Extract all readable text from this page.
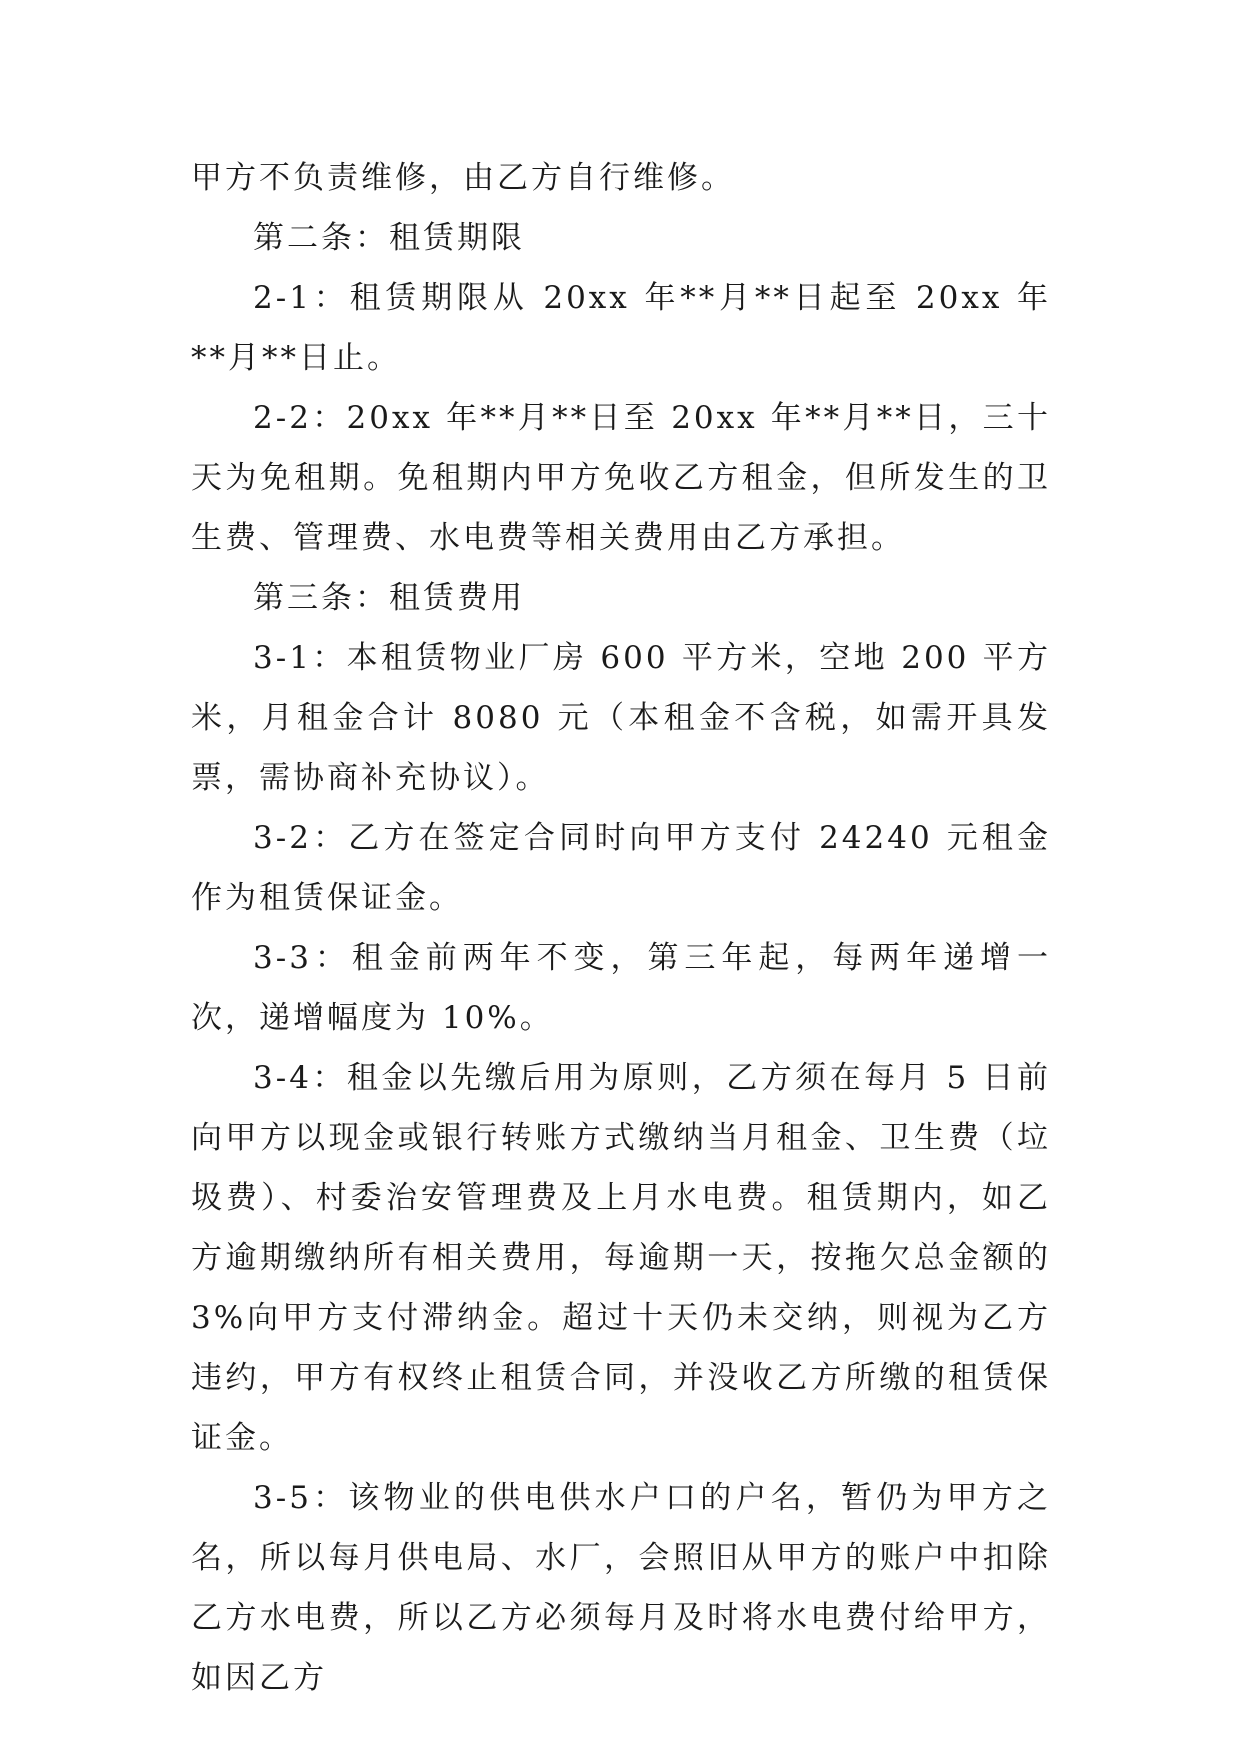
甲方不负责维修，由乙方自行维修。

第二条：租赁期限

2-1：租赁期限从 20xx 年**月**日起至 20xx 年**月**日止。

2-2：20xx 年**月**日至 20xx 年**月**日，三十天为免租期。免租期内甲方免收乙方租金，但所发生的卫生费、管理费、水电费等相关费用由乙方承担。

第三条：租赁费用

3-1：本租赁物业厂房 600 平方米，空地 200 平方米，月租金合计 8080 元（本租金不含税，如需开具发票，需协商补充协议）。

3-2：乙方在签定合同时向甲方支付 24240 元租金作为租赁保证金。

3-3：租金前两年不变，第三年起，每两年递增一次，递增幅度为 10%。

3-4：租金以先缴后用为原则，乙方须在每月 5 日前向甲方以现金或银行转账方式缴纳当月租金、卫生费（垃圾费）、村委治安管理费及上月水电费。租赁期内，如乙方逾期缴纳所有相关费用，每逾期一天，按拖欠总金额的 3%向甲方支付滞纳金。超过十天仍未交纳，则视为乙方违约，甲方有权终止租赁合同，并没收乙方所缴的租赁保证金。

3-5：该物业的供电供水户口的户名，暂仍为甲方之名，所以每月供电局、水厂，会照旧从甲方的账户中扣除乙方水电费，所以乙方必须每月及时将水电费付给甲方，如因乙方
